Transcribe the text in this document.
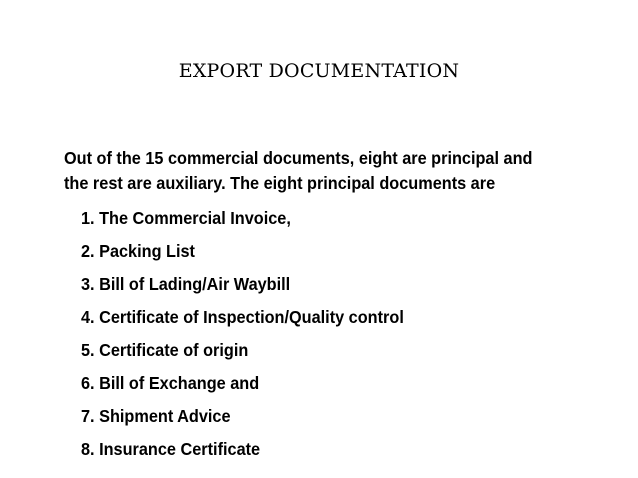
EXPORT DOCUMENTATION
Out of the 15 commercial documents, eight are principal and
the rest are auxiliary. The eight principal documents are
1. The Commercial Invoice,
2. Packing List
3. Bill of Lading/Air Waybill
4. Certificate of Inspection/Quality control
5. Certificate of origin
6. Bill of Exchange and
7. Shipment Advice
8. Insurance Certificate
